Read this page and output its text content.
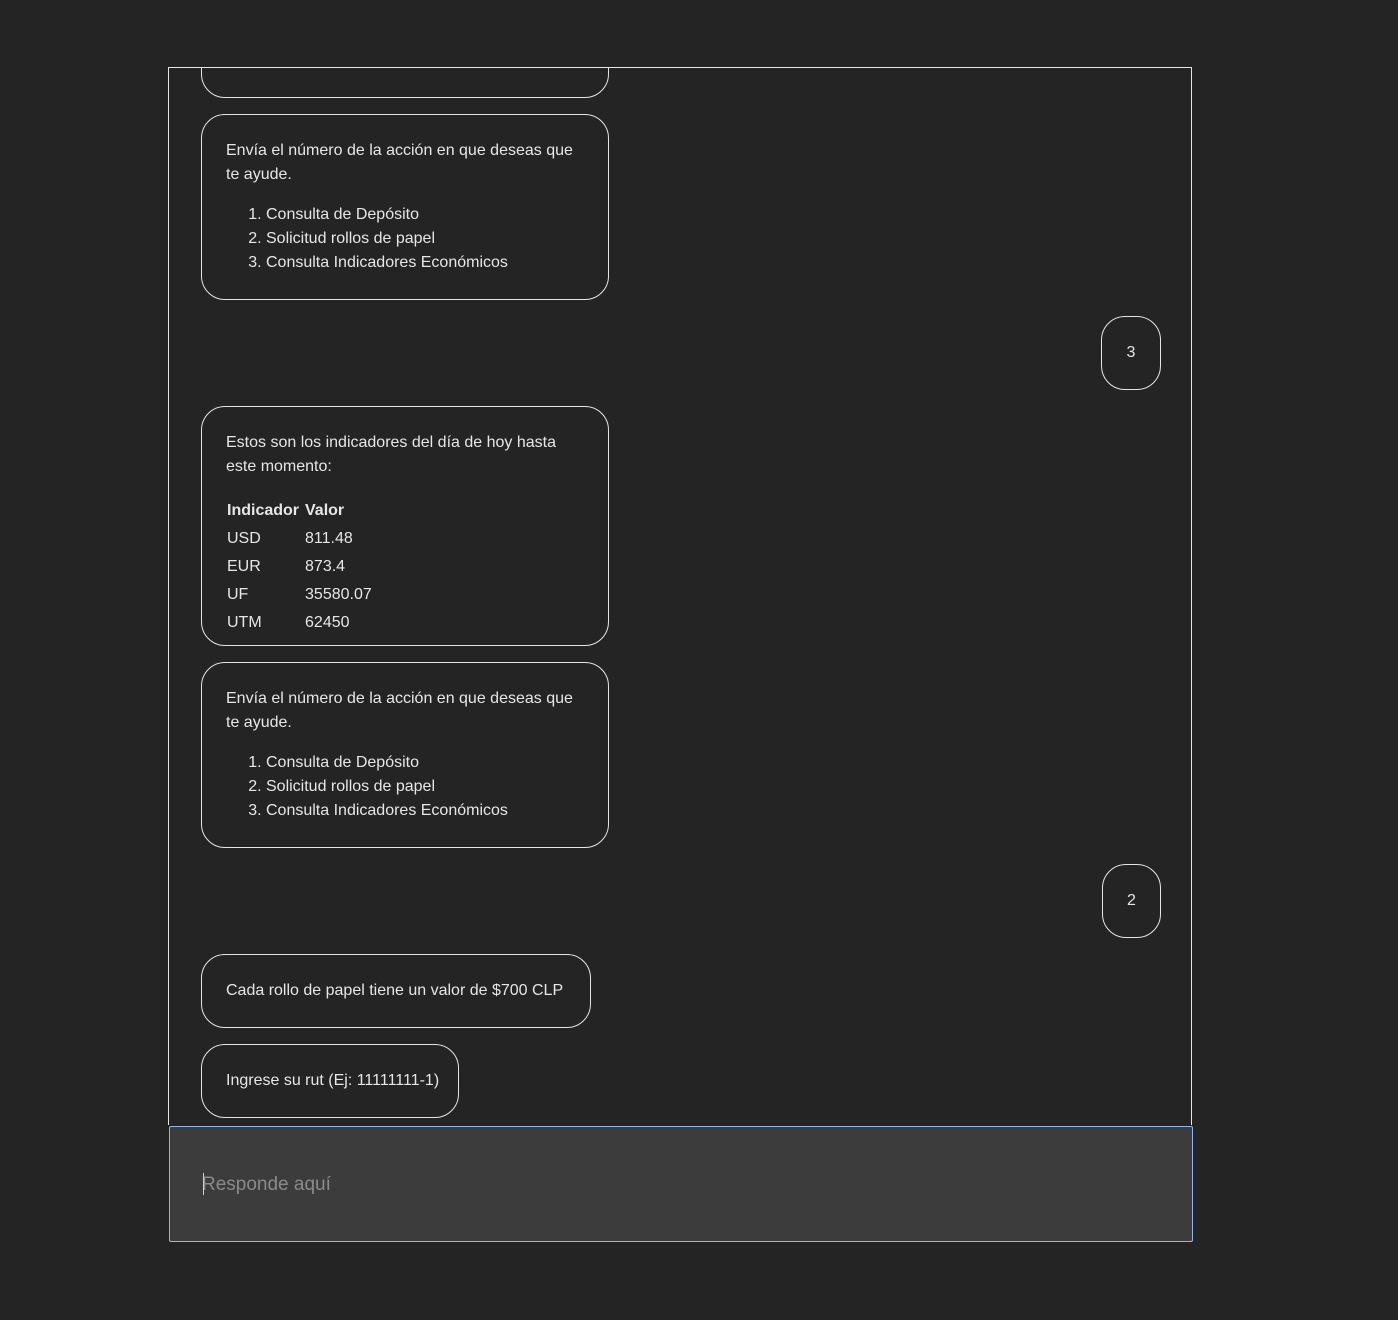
Envía el número de la acción en que deseas que te ayude.

1. Consulta de Depósito
2. Solicitud rollos de papel
3. Consulta Indicadores Económicos
3

Estos son los indicadores del día de hoy hasta este momento:

Indicador	Valor
USD	811.48
EUR	873.4
UF	35580.07
UTM	62450

Envía el número de la acción en que deseas que te ayude.

1. Consulta de Depósito
2. Solicitud rollos de papel
3. Consulta Indicadores Económicos
2

Cada rollo de papel tiene un valor de $700 CLP

Ingrese su rut (Ej: 11111111-1)

Responde aquí
